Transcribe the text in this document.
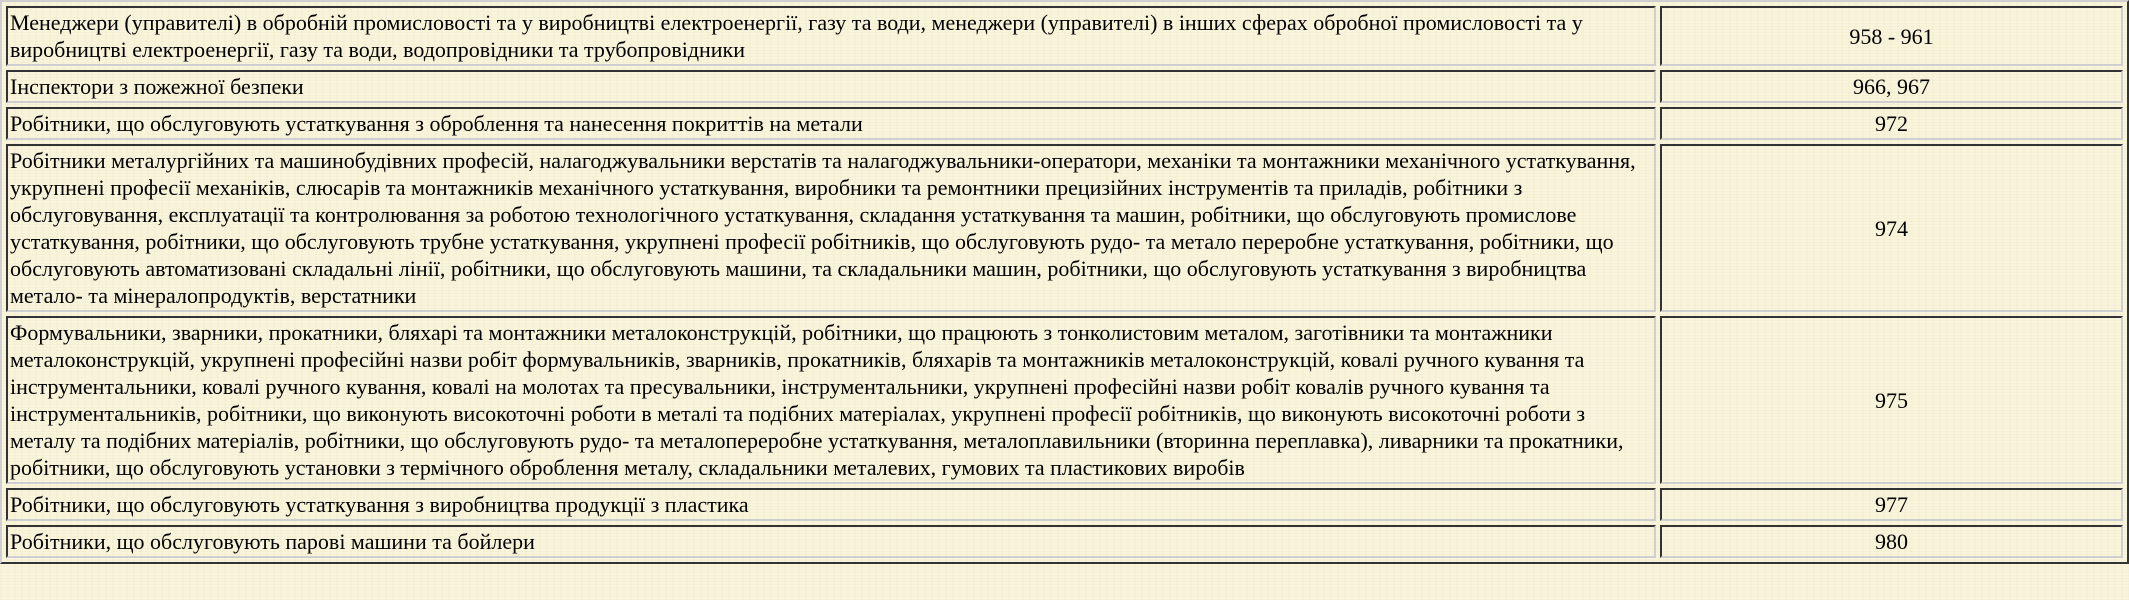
Менеджери (управителі) в обробній промисловості та у виробництві електроенергії, газу та води, менеджери (управителі) в інших сферах обробної промисловості та у виробництві електроенергії, газу та води, водопровідники та трубопровідники	958 - 961
Інспектори з пожежної безпеки	966, 967
Робітники, що обслуговують устаткування з оброблення та нанесення покриттів на метали	972
Робітники металургійних та машинобудівних професій, налагоджувальники верстатів та налагоджувальники-оператори, механіки та монтажники механічного устаткування, укрупнені професії механіків, слюсарів та монтажників механічного устаткування, виробники та ремонтники прецизійних інструментів та приладів, робітники з обслуговування, експлуатації та контролювання за роботою технологічного устаткування, складання устаткування та машин, робітники, що обслуговують промислове устаткування, робітники, що обслуговують трубне устаткування, укрупнені професії робітників, що обслуговують рудо- та метало переробне устаткування, робітники, що обслуговують автоматизовані складальні лінії, робітники, що обслуговують машини, та складальники машин, робітники, що обслуговують устаткування з виробництва метало- та мінералопродуктів, верстатники	974
Формувальники, зварники, прокатники, бляхарі та монтажники металоконструкцій, робітники, що працюють з тонколистовим металом, заготівники та монтажники металоконструкцій, укрупнені професійні назви робіт формувальників, зварників, прокатників, бляхарів та монтажників металоконструкцій, ковалі ручного кування та інструментальники, ковалі ручного кування, ковалі на молотах та пресувальники, інструментальники, укрупнені професійні назви робіт ковалів ручного кування та інструментальників, робітники, що виконують високоточні роботи в металі та подібних матеріалах, укрупнені професії робітників, що виконують високоточні роботи з металу та подібних матеріалів, робітники, що обслуговують рудо- та металопереробне устаткування, металоплавильники (вторинна переплавка), ливарники та прокатники, робітники, що обслуговують установки з термічного оброблення металу, складальники металевих, гумових та пластикових виробів	975
Робітники, що обслуговують устаткування з виробництва продукції з пластика	977
Робітники, що обслуговують парові машини та бойлери	980
